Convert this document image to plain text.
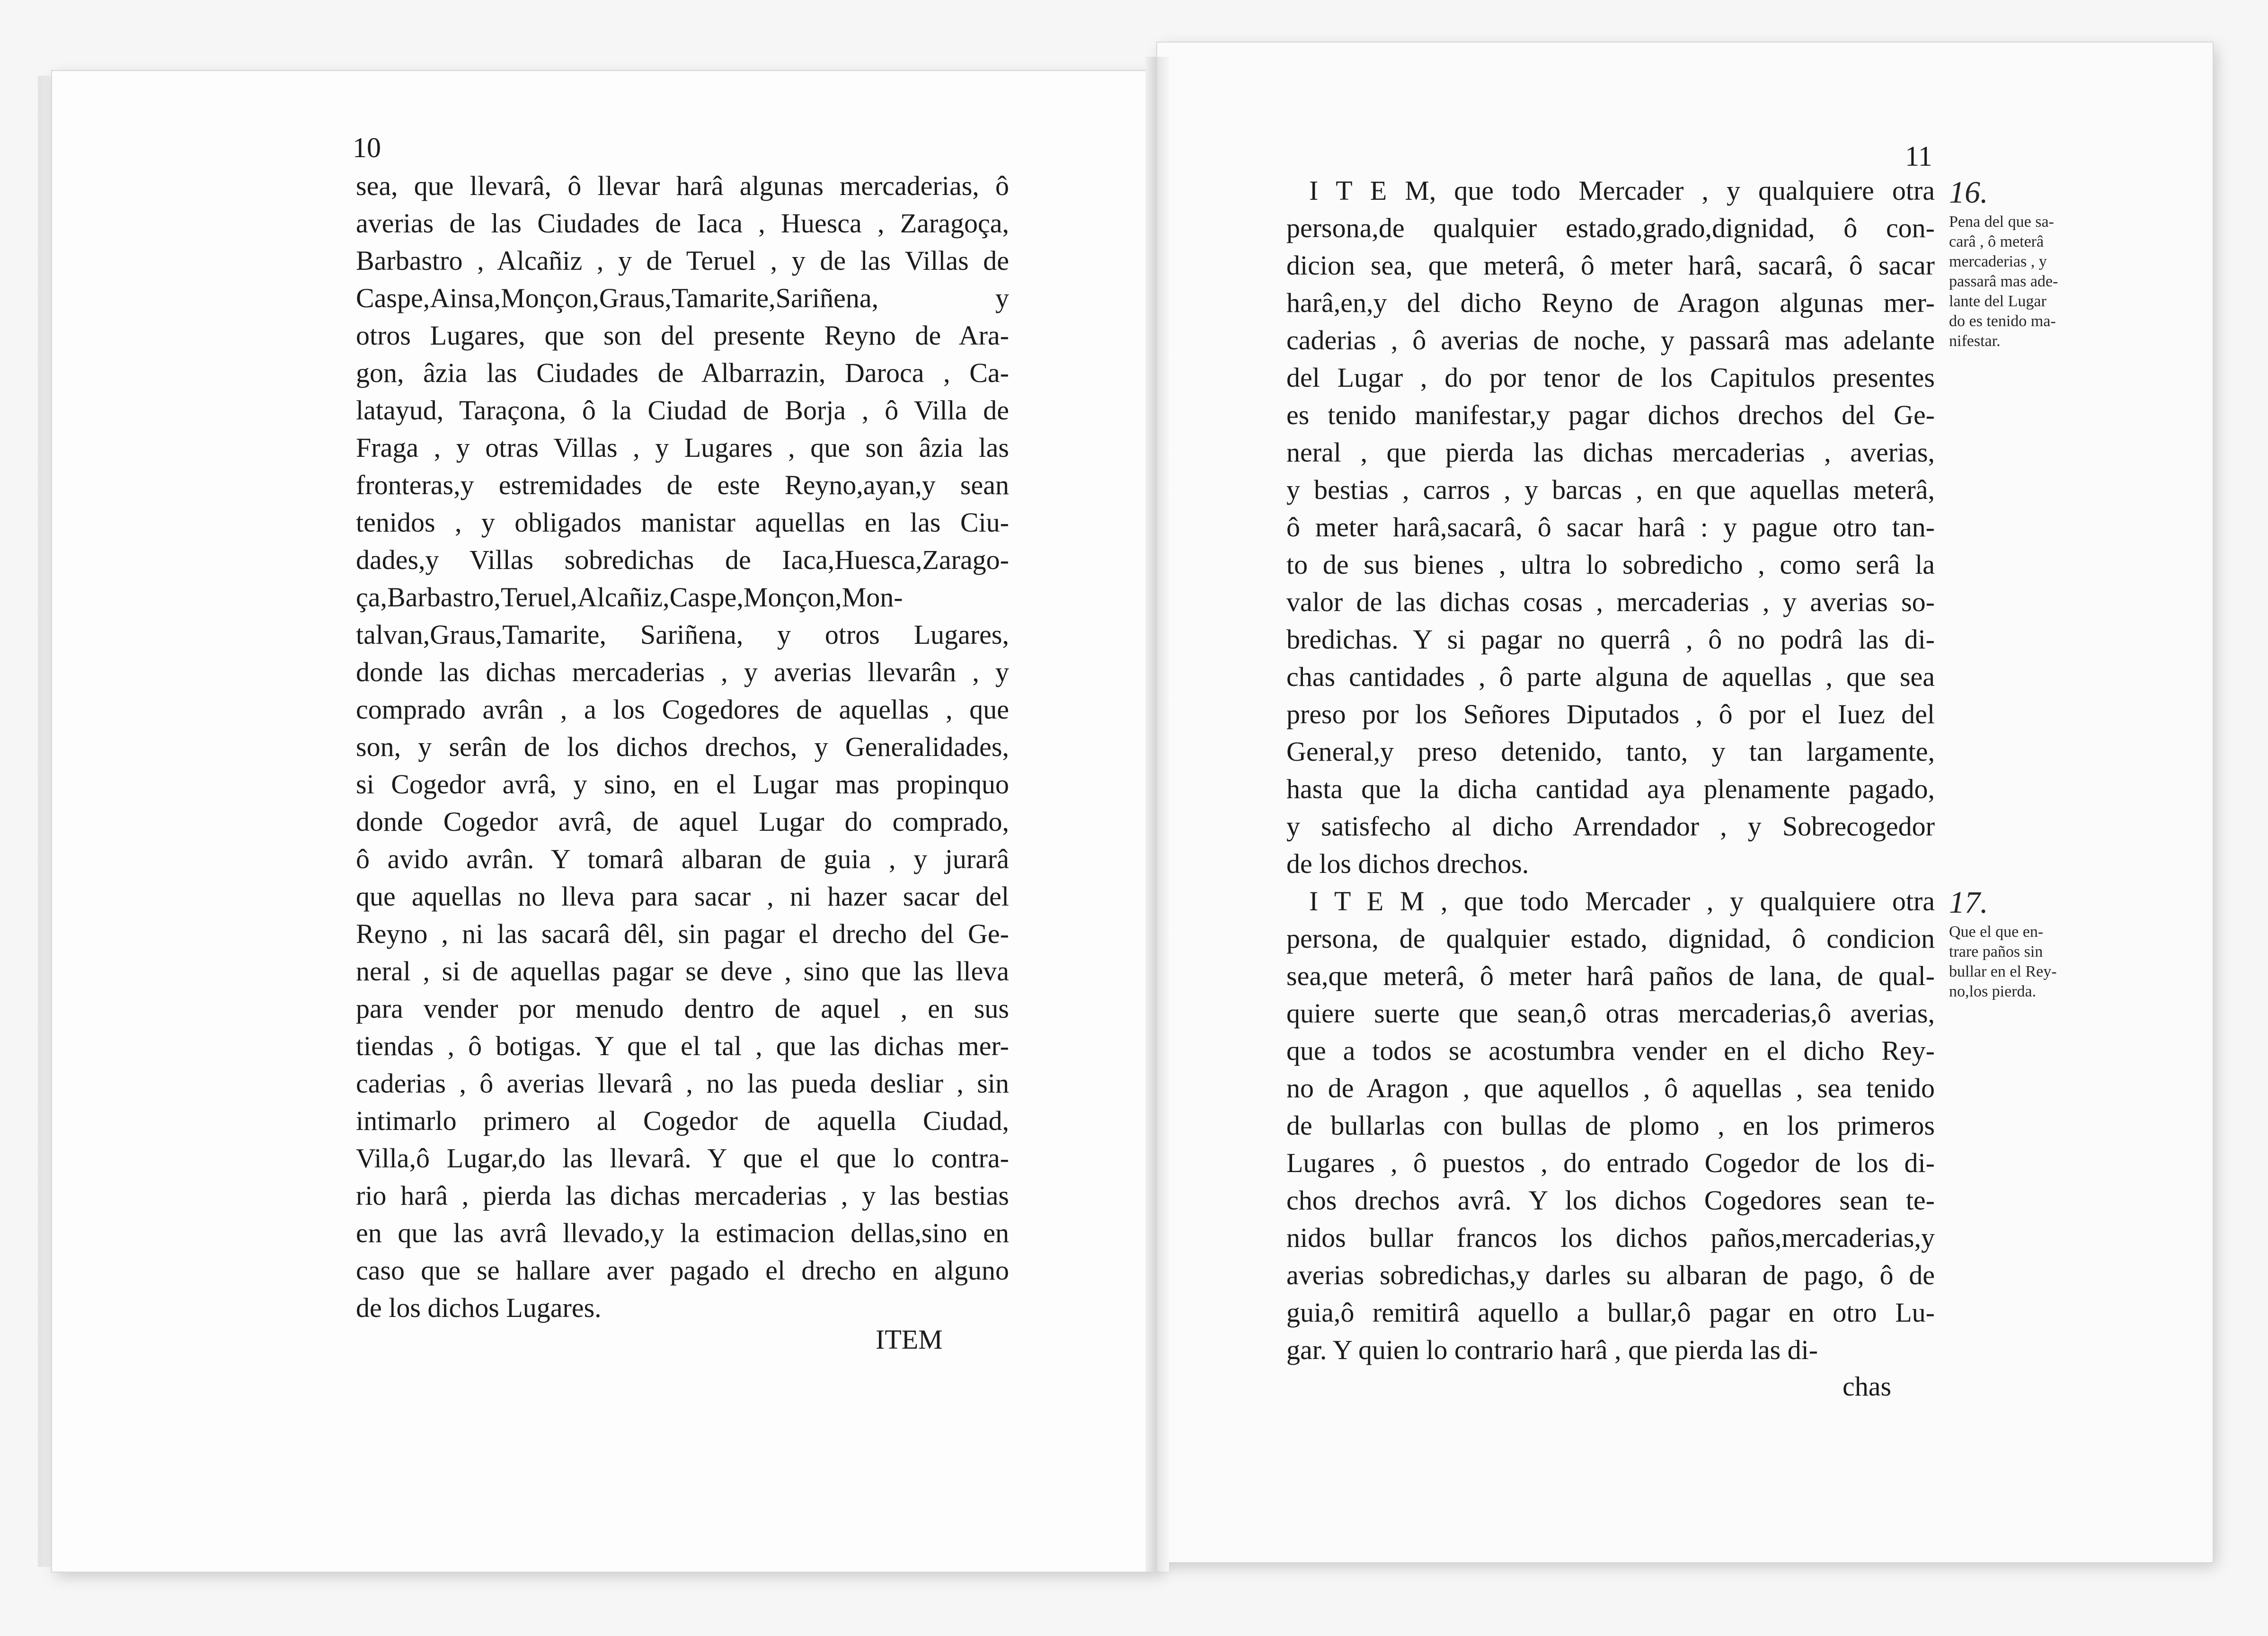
10	11
sea, que llevarâ, ô llevar harâ algunas mercaderias, ô
averias de las Ciudades de Iaca , Huesca , Zaragoça,
Barbastro , Alcañiz , y de Teruel , y de las Villas de
Caspe,Ainsa,Monçon,Graus,Tamarite,Sariñena, y
otros Lugares, que son del presente Reyno de Ara-
gon, âzia las Ciudades de Albarrazin, Daroca , Ca-
latayud, Taraçona, ô la Ciudad de Borja , ô Villa de
Fraga , y otras Villas , y Lugares , que son âzia las
fronteras,y estremidades de este Reyno,ayan,y sean
tenidos , y obligados manistar aquellas en las Ciu-
dades,y Villas sobredichas de Iaca,Huesca,Zarago-
ça,Barbastro,Teruel,Alcañiz,Caspe,Monçon,Mon-
talvan,Graus,Tamarite, Sariñena, y otros Lugares,
donde las dichas mercaderias , y averias llevarân , y
comprado avrân , a los Cogedores de aquellas , que
son, y serân de los dichos drechos, y Generalidades,
si Cogedor avrâ, y sino, en el Lugar mas propinquo
donde Cogedor avrâ, de aquel Lugar do comprado,
ô avido avrân. Y tomarâ albaran de guia , y jurarâ
que aquellas no lleva para sacar , ni hazer sacar del
Reyno , ni las sacarâ dêl, sin pagar el drecho del Ge-
neral , si de aquellas pagar se deve , sino que las lleva
para vender por menudo dentro de aquel , en sus
tiendas , ô botigas. Y que el tal , que las dichas mer-
caderias , ô averias llevarâ , no las pueda desliar , sin
intimarlo primero al Cogedor de aquella Ciudad,
Villa,ô Lugar,do las llevarâ. Y que el que lo contra-
rio harâ , pierda las dichas mercaderias , y las bestias
en que las avrâ llevado,y la estimacion dellas,sino en
caso que se hallare aver pagado el drecho en alguno
de los dichos Lugares.
ITEM
I T E M, que todo Mercader , y qualquiere otra
persona,de qualquier estado,grado,dignidad, ô con-
dicion sea, que meterâ, ô meter harâ, sacarâ, ô sacar
harâ,en,y del dicho Reyno de Aragon algunas mer-
caderias , ô averias de noche, y passarâ mas adelante
del Lugar , do por tenor de los Capitulos presentes
es tenido manifestar,y pagar dichos drechos del Ge-
neral , que pierda las dichas mercaderias , averias,
y bestias , carros , y barcas , en que aquellas meterâ,
ô meter harâ,sacarâ, ô sacar harâ : y pague otro tan-
to de sus bienes , ultra lo sobredicho , como serâ la
valor de las dichas cosas , mercaderias , y averias so-
bredichas. Y si pagar no querrâ , ô no podrâ las di-
chas cantidades , ô parte alguna de aquellas , que sea
preso por los Señores Diputados , ô por el Iuez del
General,y preso detenido, tanto, y tan largamente,
hasta que la dicha cantidad aya plenamente pagado,
y satisfecho al dicho Arrendador , y Sobrecogedor
de los dichos drechos.
I T E M , que todo Mercader , y qualquiere otra
persona, de qualquier estado, dignidad, ô condicion
sea,que meterâ, ô meter harâ paños de lana, de qual-
quiere suerte que sean,ô otras mercaderias,ô averias,
que a todos se acostumbra vender en el dicho Rey-
no de Aragon , que aquellos , ô aquellas , sea tenido
de bullarlas con bullas de plomo , en los primeros
Lugares , ô puestos , do entrado Cogedor de los di-
chos drechos avrâ. Y los dichos Cogedores sean te-
nidos bullar francos los dichos paños,mercaderias,y
averias sobredichas,y darles su albaran de pago, ô de
guia,ô remitirâ aquello a bullar,ô pagar en otro Lu-
gar. Y quien lo contrario harâ , que pierda las di-
chas
16.
Pena del que sa-
carâ , ô meterâ
mercaderias , y
passarâ mas ade-
lante del Lugar
do es tenido ma-
nifestar.
17.
Que el que en-
trare paños sin
bullar en el Rey-
no,los pierda.
